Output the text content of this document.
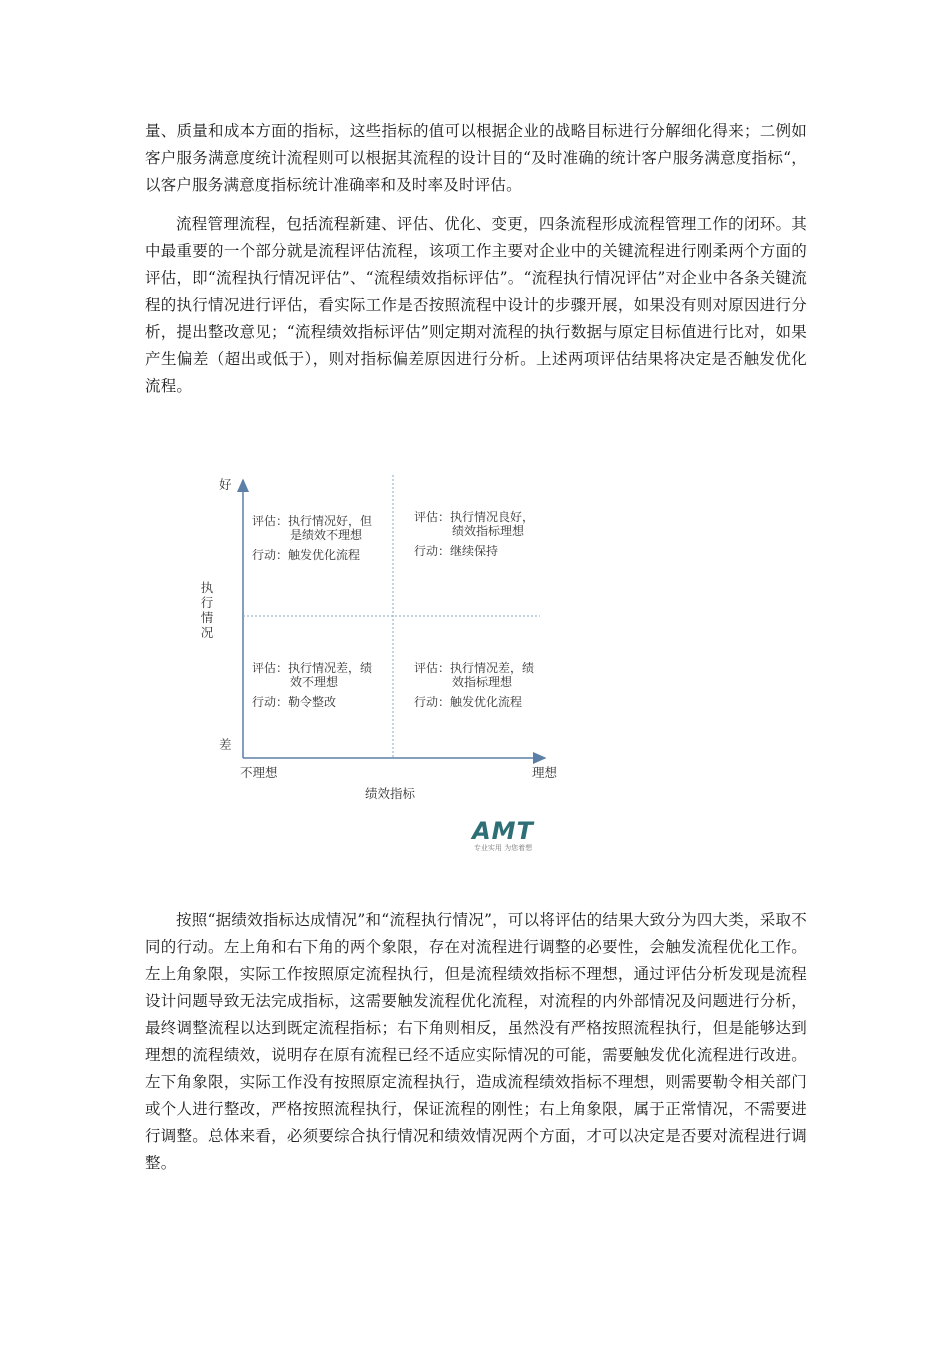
量、质量和成本方面的指标，这些指标的值可以根据企业的战略目标进行分解细化得来；二例如客户服务满意度统计流程则可以根据其流程的设计目的“及时准确的统计客户服务满意度指标“，以客户服务满意度指标统计准确率和及时率及时评估。

流程管理流程，包括流程新建、评估、优化、变更，四条流程形成流程管理工作的闭环。其中最重要的一个部分就是流程评估流程，该项工作主要对企业中的关键流程进行刚柔两个方面的评估，即“流程执行情况评估”、“流程绩效指标评估”。“流程执行情况评估”对企业中各条关键流程的执行情况进行评估，看实际工作是否按照流程中设计的步骤开展，如果没有则对原因进行分析，提出整改意见；“流程绩效指标评估”则定期对流程的执行数据与原定目标值进行比对，如果产生偏差（超出或低于），则对指标偏差原因进行分析。上述两项评估结果将决定是否触发优化流程。

好
差
执行情况
不理想	理想
绩效指标
评估：执行情况好，但
是绩效不理想
行动：触发优化流程
评估：执行情况良好，
绩效指标理想
行动：继续保持
评估：执行情况差，绩
效不理想
行动：勒令整改
评估：执行情况差，绩
效指标理想
行动：触发优化流程
AMT
专业实用 为您着想

按照“据绩效指标达成情况”和“流程执行情况”，可以将评估的结果大致分为四大类，采取不同的行动。左上角和右下角的两个象限，存在对流程进行调整的必要性，会触发流程优化工作。左上角象限，实际工作按照原定流程执行，但是流程绩效指标不理想，通过评估分析发现是流程设计问题导致无法完成指标，这需要触发流程优化流程，对流程的内外部情况及问题进行分析，最终调整流程以达到既定流程指标；右下角则相反，虽然没有严格按照流程执行，但是能够达到理想的流程绩效，说明存在原有流程已经不适应实际情况的可能，需要触发优化流程进行改进。左下角象限，实际工作没有按照原定流程执行，造成流程绩效指标不理想，则需要勒令相关部门或个人进行整改，严格按照流程执行，保证流程的刚性；右上角象限，属于正常情况，不需要进行调整。总体来看，必须要综合执行情况和绩效情况两个方面，才可以决定是否要对流程进行调整。
